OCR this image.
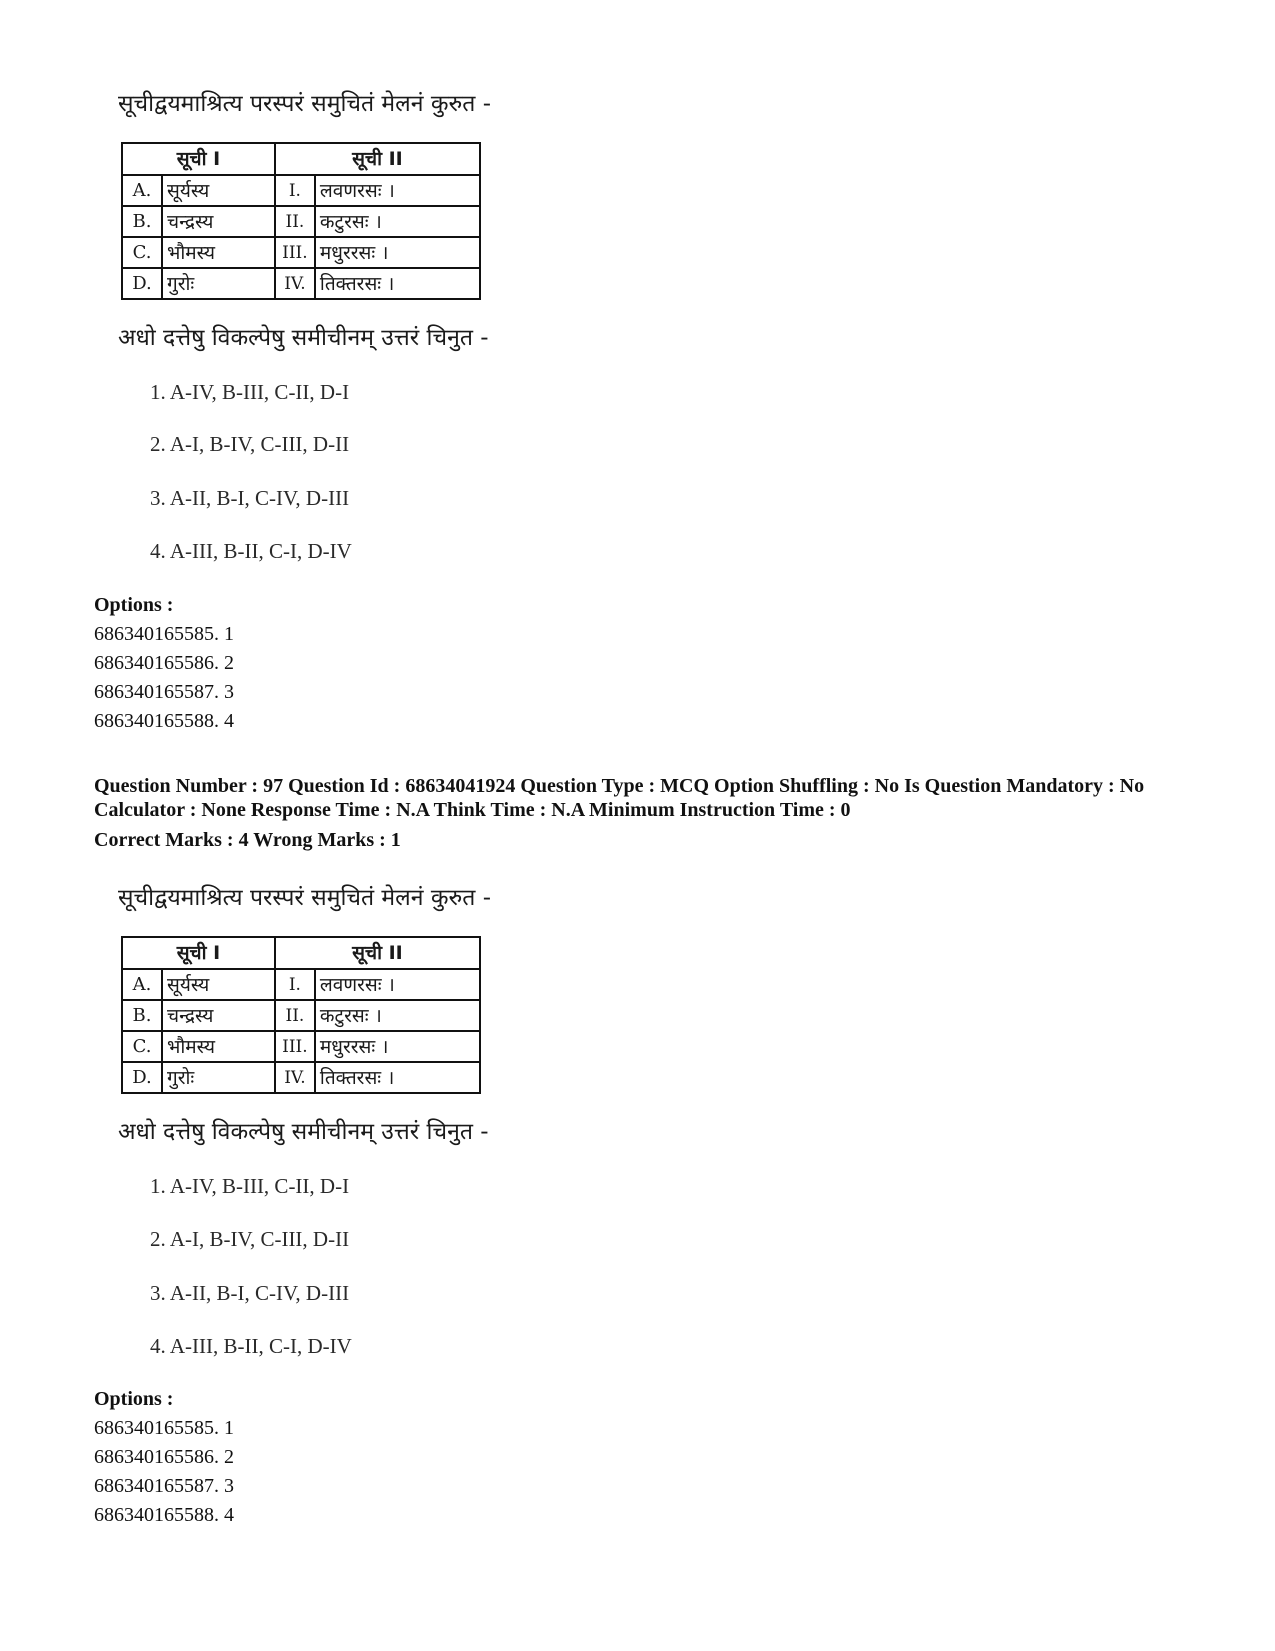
सूचीद्वयमाश्रित्य परस्परं समुचितं मेलनं कुरुत -
सूची I		सूची II	
A.	सूर्यस्य	I.	लवणरसः ।
B.	चन्द्रस्य	II.	कटुरसः ।
C.	भौमस्य	III.	मधुररसः ।
D.	गुरोः	IV.	तिक्तरसः ।
अधो दत्तेषु विकल्पेषु समीचीनम् उत्तरं चिनुत -
1. A-IV, B-III, C-II, D-I
2. A-I, B-IV, C-III, D-II
3. A-II, B-I, C-IV, D-III
4. A-III, B-II, C-I, D-IV
Options :
686340165585. 1
686340165586. 2
686340165587. 3
686340165588. 4
Question Number : 97 Question Id : 68634041924 Question Type : MCQ Option Shuffling : No Is Question Mandatory : No Calculator : None Response Time : N.A Think Time : N.A Minimum Instruction Time : 0
Correct Marks : 4 Wrong Marks : 1
सूचीद्वयमाश्रित्य परस्परं समुचितं मेलनं कुरुत -
सूची I		सूची II	
A.	सूर्यस्य	I.	लवणरसः ।
B.	चन्द्रस्य	II.	कटुरसः ।
C.	भौमस्य	III.	मधुररसः ।
D.	गुरोः	IV.	तिक्तरसः ।
अधो दत्तेषु विकल्पेषु समीचीनम् उत्तरं चिनुत -
1. A-IV, B-III, C-II, D-I
2. A-I, B-IV, C-III, D-II
3. A-II, B-I, C-IV, D-III
4. A-III, B-II, C-I, D-IV
Options :
686340165585. 1
686340165586. 2
686340165587. 3
686340165588. 4
